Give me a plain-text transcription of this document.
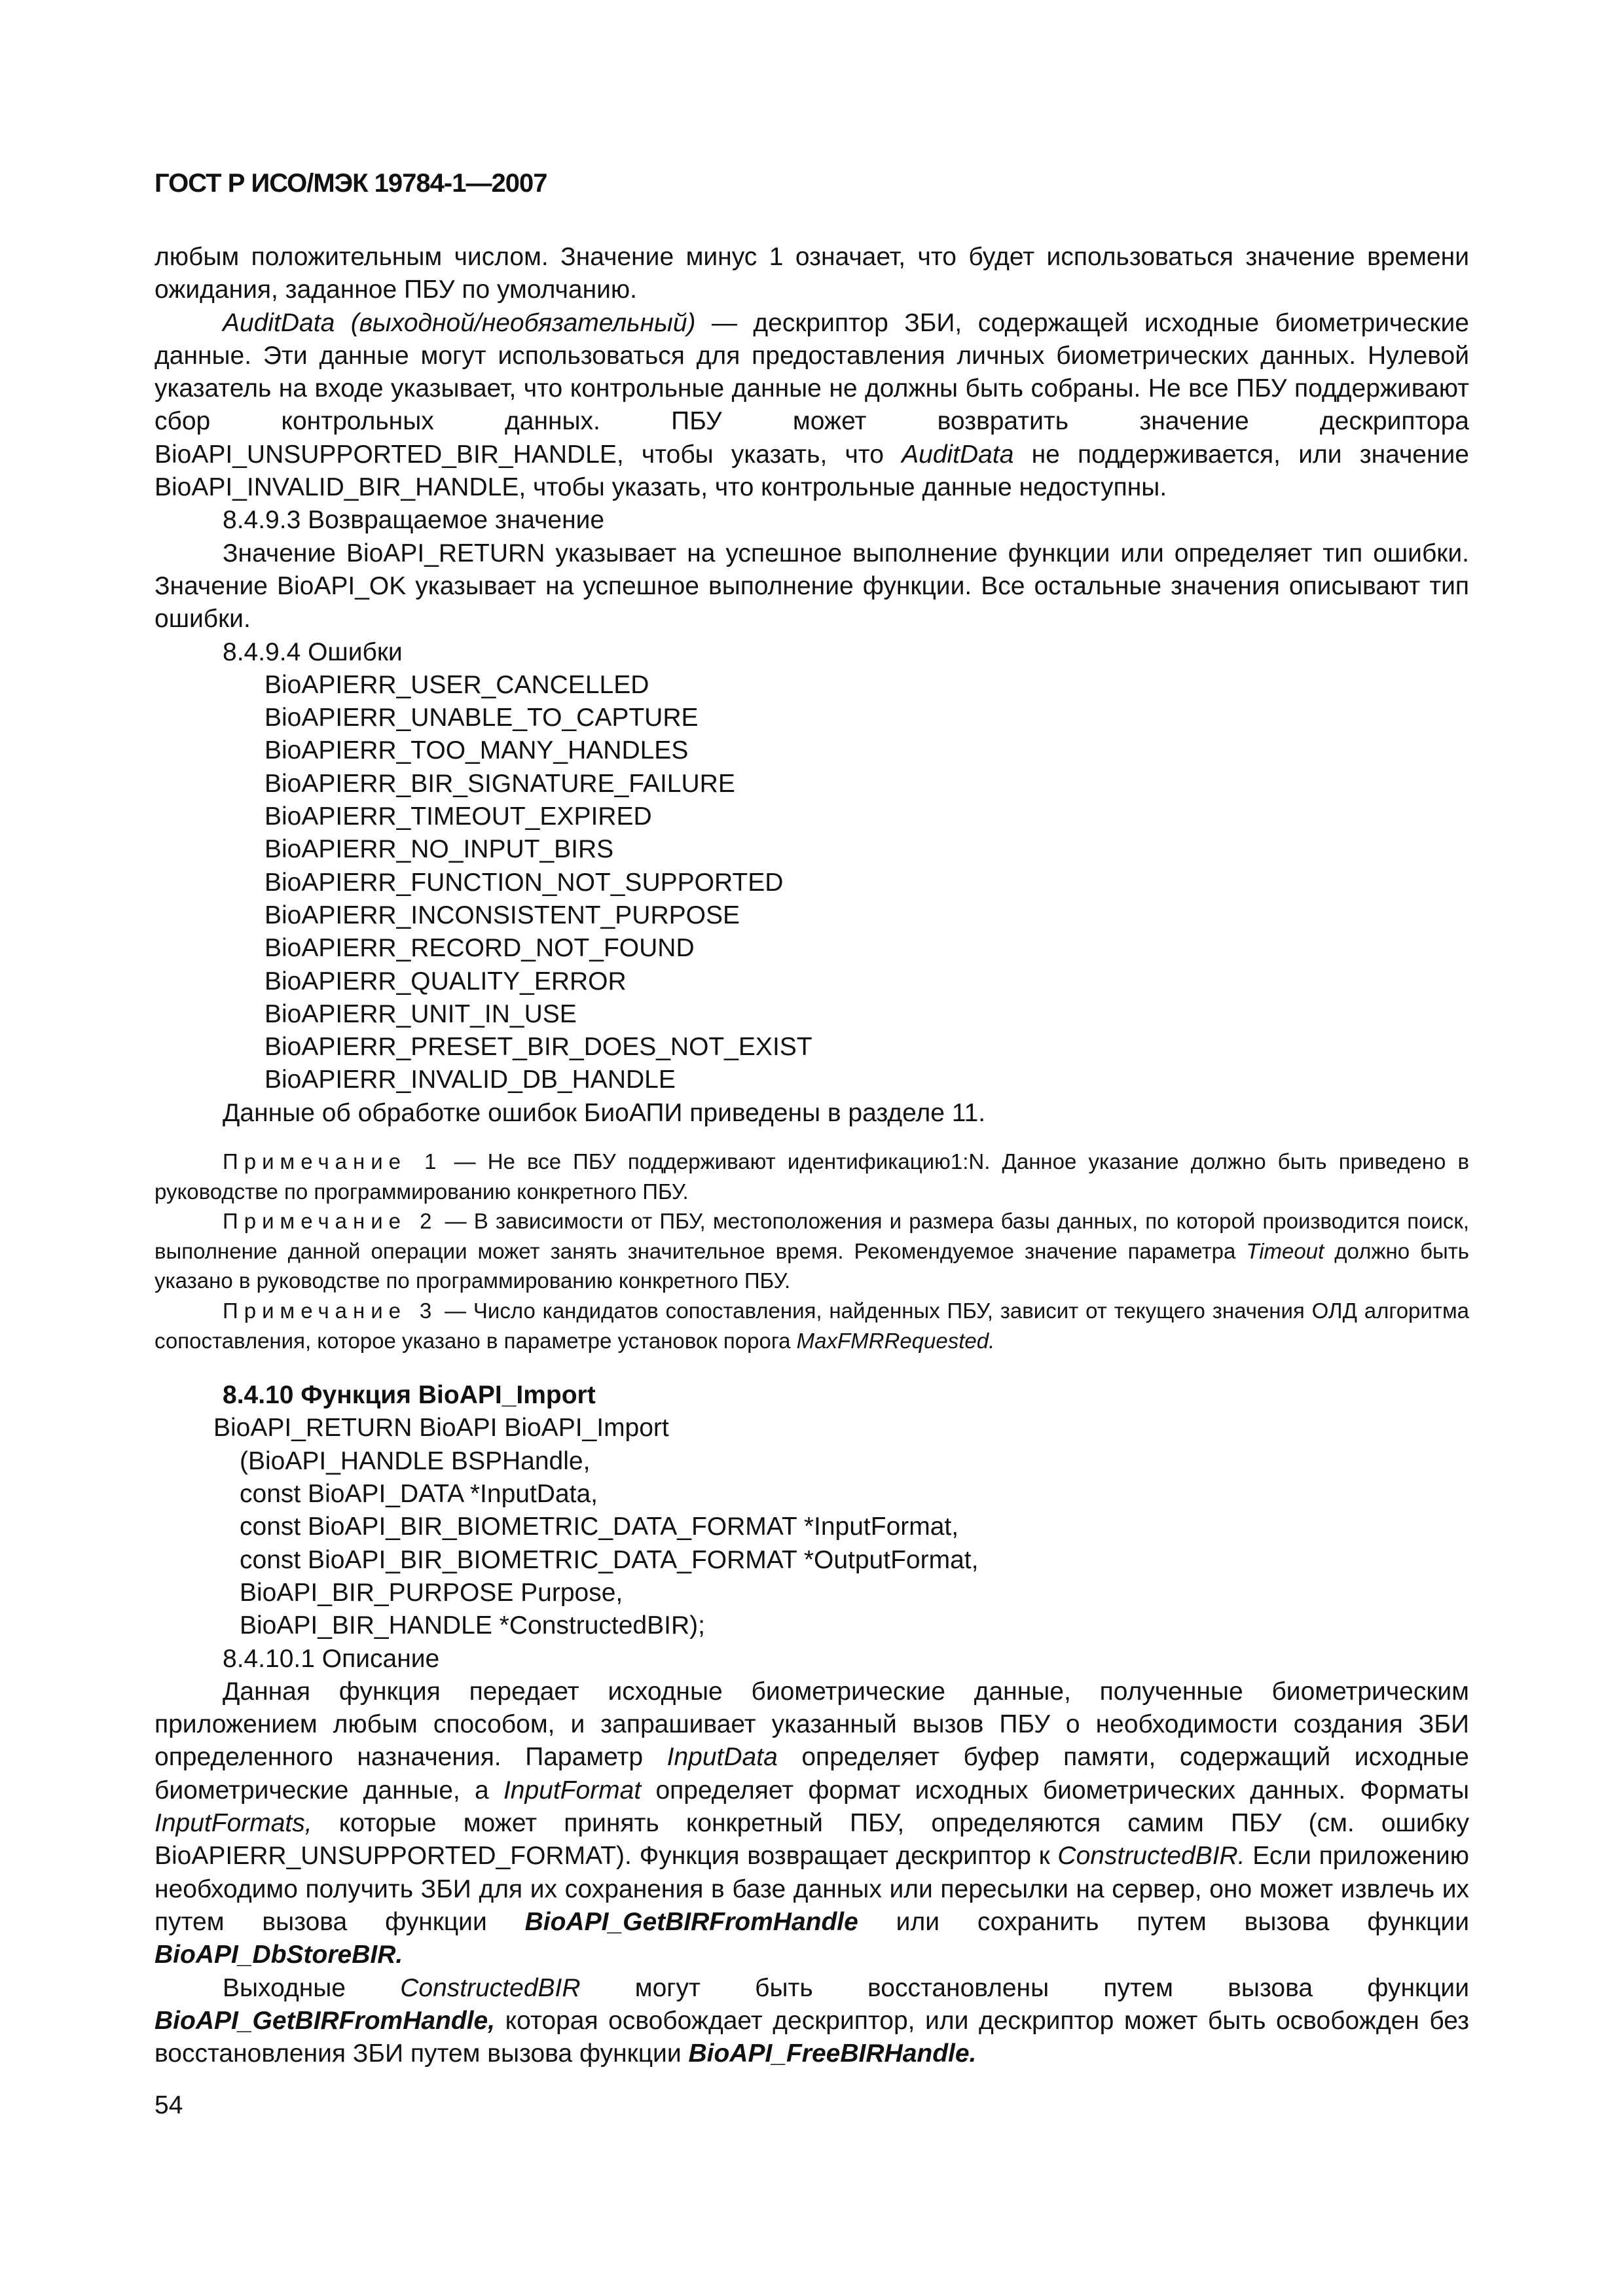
ГОСТ Р ИСО/МЭК 19784-1—2007

любым положительным числом. Значение минус 1 означает, что будет использоваться значение времени ожидания, заданное ПБУ по умолчанию.

AuditData (выходной/необязательный) — дескриптор ЗБИ, содержащей исходные биометрические данные. Эти данные могут использоваться для предоставления личных биометрических данных. Нулевой указатель на входе указывает, что контрольные данные не должны быть собраны. Не все ПБУ поддерживают сбор контрольных данных. ПБУ может возвратить значение дескриптора BioAPI_UNSUPPORTED_BIR_HANDLE, чтобы указать, что AuditData не поддерживается, или значение BioAPI_INVALID_BIR_HANDLE, чтобы указать, что контрольные данные недоступны.

8.4.9.3 Возвращаемое значение

Значение BioAPI_RETURN указывает на успешное выполнение функции или определяет тип ошибки. Значение BioAPI_OK указывает на успешное выполнение функции. Все остальные значения описывают тип ошибки.

8.4.9.4 Ошибки

BioAPIERR_USER_CANCELLED

BioAPIERR_UNABLE_TO_CAPTURE

BioAPIERR_TOO_MANY_HANDLES

BioAPIERR_BIR_SIGNATURE_FAILURE

BioAPIERR_TIMEOUT_EXPIRED

BioAPIERR_NO_INPUT_BIRS

BioAPIERR_FUNCTION_NOT_SUPPORTED

BioAPIERR_INCONSISTENT_PURPOSE

BioAPIERR_RECORD_NOT_FOUND

BioAPIERR_QUALITY_ERROR

BioAPIERR_UNIT_IN_USE

BioAPIERR_PRESET_BIR_DOES_NOT_EXIST

BioAPIERR_INVALID_DB_HANDLE

Данные об обработке ошибок БиоАПИ приведены в разделе 11.

Примечание 1 — Не все ПБУ поддерживают идентификацию1:N. Данное указание должно быть приведено в руководстве по программированию конкретного ПБУ.

Примечание 2 — В зависимости от ПБУ, местоположения и размера базы данных, по которой производится поиск, выполнение данной операции может занять значительное время. Рекомендуемое значение параметра Timeout должно быть указано в руководстве по программированию конкретного ПБУ.

Примечание 3 — Число кандидатов сопоставления, найденных ПБУ, зависит от текущего значения ОЛД алгоритма сопоставления, которое указано в параметре установок порога MaxFMRRequested.

8.4.10 Функция BioAPI_Import

BioAPI_RETURN BioAPI BioAPI_Import

(BioAPI_HANDLE BSPHandle,

const BioAPI_DATA *InputData,

const BioAPI_BIR_BIOMETRIC_DATA_FORMAT *InputFormat,

const BioAPI_BIR_BIOMETRIC_DATA_FORMAT *OutputFormat,

BioAPI_BIR_PURPOSE Purpose,

BioAPI_BIR_HANDLE *ConstructedBIR);

8.4.10.1 Описание

Данная функция передает исходные биометрические данные, полученные биометрическим приложением любым способом, и запрашивает указанный вызов ПБУ о необходимости создания ЗБИ определенного назначения. Параметр InputData определяет буфер памяти, содержащий исходные биометрические данные, а InputFormat определяет формат исходных биометрических данных. Форматы InputFormats, которые может принять конкретный ПБУ, определяются самим ПБУ (см. ошибку BioAPIERR_UNSUPPORTED_FORMAT). Функция возвращает дескриптор к ConstructedBIR. Если приложению необходимо получить ЗБИ для их сохранения в базе данных или пересылки на сервер, оно может извлечь их путем вызова функции BioAPI_GetBIRFromHandle или сохранить путем вызова функции BioAPI_DbStoreBIR.

Выходные ConstructedBIR могут быть восстановлены путем вызова функции BioAPI_GetBIRFromHandle, которая освобождает дескриптор, или дескриптор может быть освобожден без восстановления ЗБИ путем вызова функции BioAPI_FreeBIRHandle.

54
